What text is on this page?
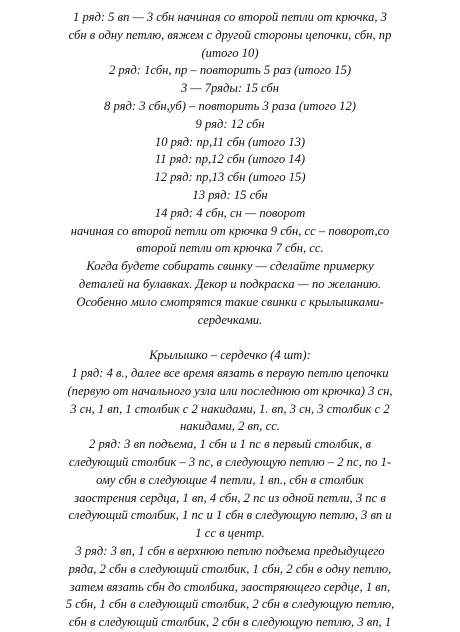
1 ряд: 5 вп — 3 сбн начиная со второй петли от крючка, 3
сбн в одну петлю, вяжем с другой стороны цепочки, сбн, пр
(итого 10)
2 ряд: 1сбн, пр – повторить 5 раз (итого 15)
3 — 7ряды: 15 сбн
8 ряд: 3 сбн,уб) – повторить 3 раза (итого 12)
9 ряд: 12 сбн
10 ряд: пр,11 сбн (итого 13)
11 ряд: пр,12 сбн (итого 14)
12 ряд: пр,13 сбн (итого 15)
13 ряд: 15 сбн
14 ряд: 4 сбн, сн — поворот
начиная со второй петли от крючка 9 сбн, сс – поворот,со
второй петли от крючка 7 сбн, сс.
Когда будете собирать свинку — сделайте примерку
деталей на булавках. Декор и подкраска — по желанию.
Особенно мило смотрятся такие свинки с крылышками-
сердечками.
Крылышко – сердечко (4 шт):
1 ряд: 4 в., далее все время вязать в первую петлю цепочки
(первую от начального узла или последнюю от крючка) 3 сн,
3 сн, 1 вп, 1 столбик с 2 накидами, 1. вп, 3 сн, 3 столбик с 2
накидами, 2 вп, сс.
2 ряд: 3 вп подъема, 1 сбн и 1 пс в первый столбик, в
следующий столбик – 3 пс, в следующую петлю – 2 пс, по 1-
ому сбн в следующие 4 петли, 1 вп., сбн в столбик
заострения сердца, 1 вп, 4 сбн, 2 пс из одной петли, 3 пс в
следующий столбик, 1 пс и 1 сбн в следующую петлю, 3 вп и
1 сс в центр.
3 ряд: 3 вп, 1 сбн в верхнюю петлю подъема предыдущего
ряда, 2 сбн в следующий столбик, 1 сбн, 2 сбн в одну петлю,
затем вязать сбн до столбика, заостряющего сердце, 1 вп,
5 сбн, 1 сбн в следующий столбик, 2 сбн в следующую петлю,
сбн в следующий столбик, 2 сбн в следующую петлю, 3 вп, 1
